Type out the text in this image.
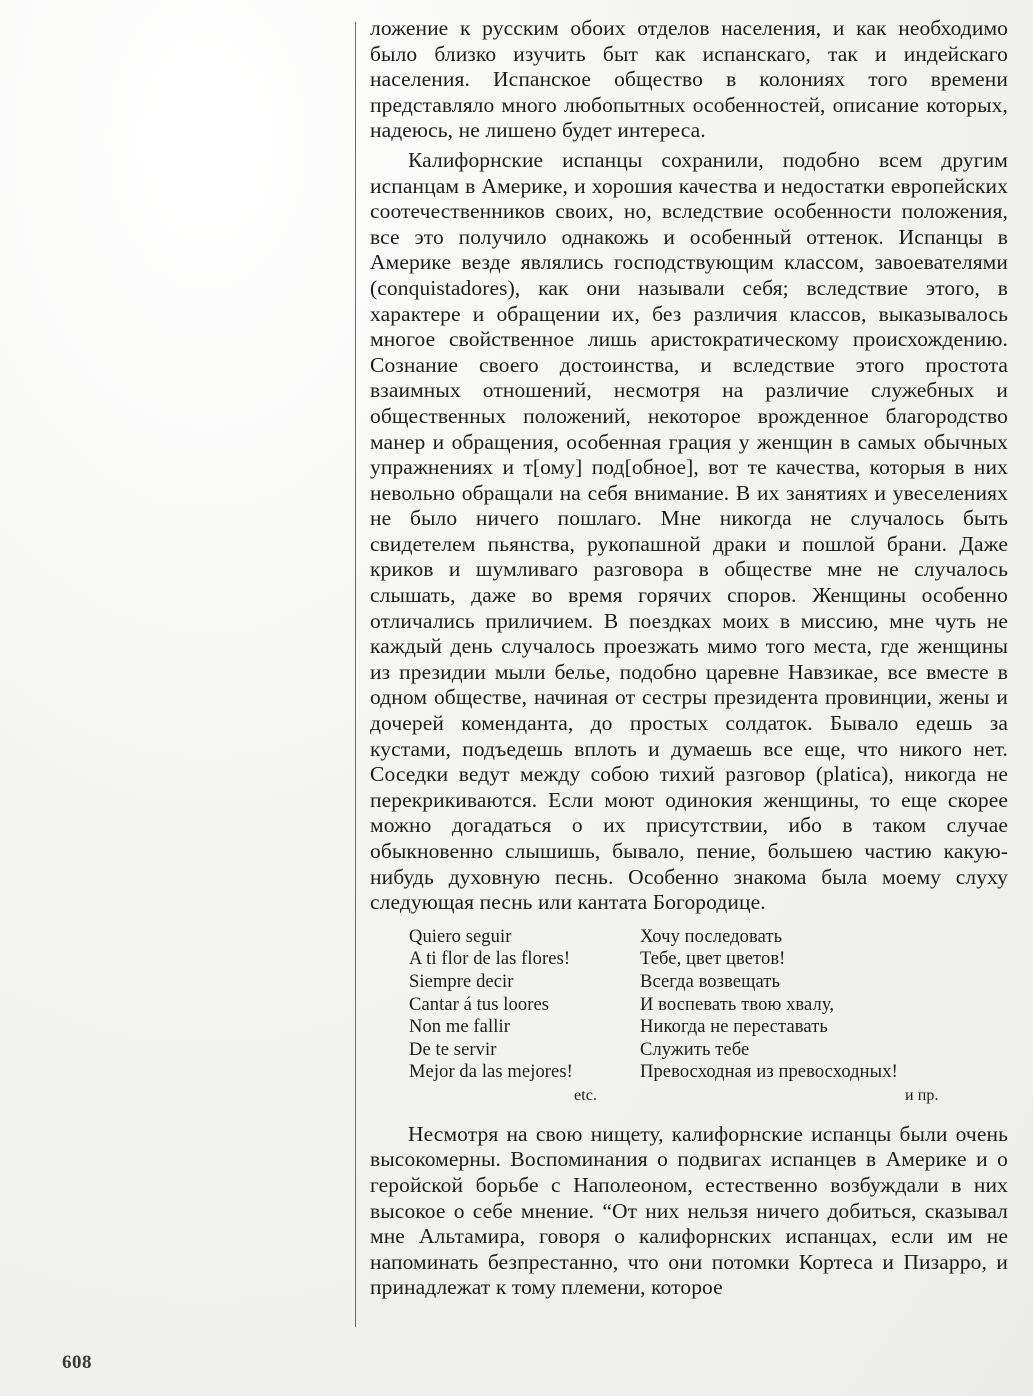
ложение к русским обоих отделов населения, и как необходимо было близко изучить быт как испанскаго, так и индейскаго населения. Испанское общество в колониях того времени представляло много любопытных особенностей, описание которых, надеюсь, не лишено будет интереса.

Калифорнские испанцы сохранили, подобно всем другим испанцам в Америке, и хорошия качества и недостатки европейских соотечественников своих, но, вследствие особенности положения, все это получило однакожь и особенный оттенок. Испанцы в Америке везде являлись господствующим классом, завоевателями (conquistadores), как они называли себя; вследствие этого, в характере и обращении их, без различия классов, выказывалось многое свойственное лишь аристократическому происхождению. Сознание своего достоинства, и вследствие этого простота взаимных отношений, несмотря на различие служебных и общественных положений, некоторое врожденное благородство манер и обращения, особенная грация у женщин в самых обычных упражнениях и т[ому] под[обное], вот те качества, которыя в них невольно обращали на себя внимание. В их занятиях и увеселениях не было ничего пошлаго. Мне никогда не случалось быть свидетелем пьянства, рукопашной драки и пошлой брани. Даже криков и шумливаго разговора в обществе мне не случалось слышать, даже во время горячих споров. Женщины особенно отличались приличием. В поездках моих в миссию, мне чуть не каждый день случалось проезжать мимо того места, где женщины из президии мыли белье, подобно царевне Навзикае, все вместе в одном обществе, начиная от сестры президента провинции, жены и дочерей коменданта, до простых солдаток. Бывало едешь за кустами, подъедешь вплоть и думаешь все еще, что никого нет. Соседки ведут между собою тихий разговор (platica), никогда не перекрикиваются. Если моют одинокия женщины, то еще скорее можно догадаться о их присутствии, ибо в таком случае обыкновенно слышишь, бывало, пение, большею частию какую-нибудь духовную песнь. Особенно знакома была моему слуху следующая песнь или кантата Богородице.

Quiero seguir
A ti flor de las flores!
Siempre decir
Cantar á tus loores
Non me fallir
De te servir
Mejor da las mejores!
Хочу последовать
Тебе, цвет цветов!
Всегда возвещать
И воспевать твою хвалу,
Никогда не переставать
Служить тебе
Превосходная из превосходных!
etc.	и пр.

Несмотря на свою нищету, калифорнские испанцы были очень высокомерны. Воспоминания о подвигах испанцев в Америке и о геройской борьбе с Наполеоном, естественно возбуждали в них высокое о себе мнение. “От них нельзя ничего добиться, сказывал мне Альтамира, говоря о калифорнских испанцах, если им не напоминать безпрестанно, что они потомки Кортеса и Пизарро, и принадлежат к тому племени, которое

608
